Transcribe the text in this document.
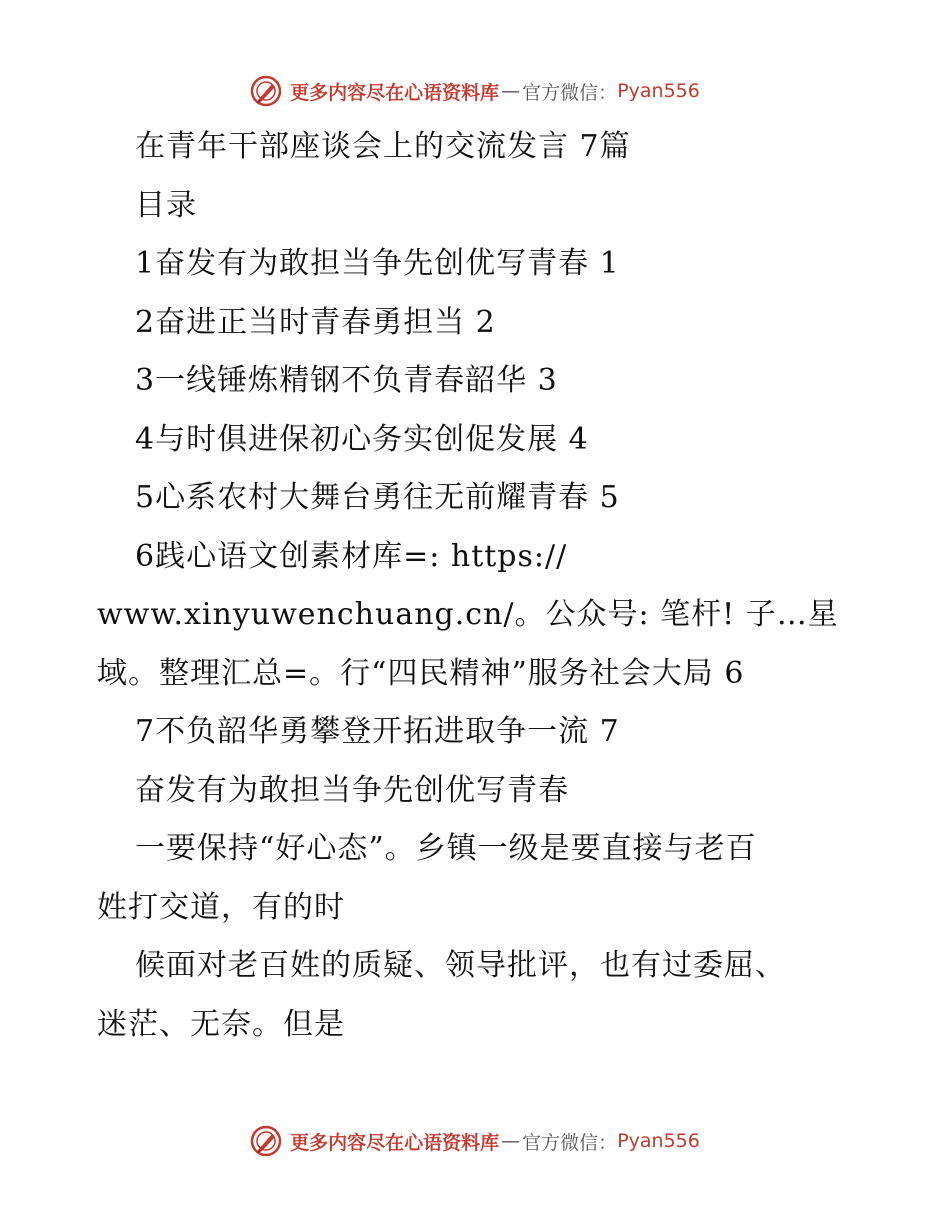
更多内容尽在心语资料库 — 官方微信： Pyan556
在青年干部座谈会上的交流发言 7篇
目录
1奋发有为敢担当争先创优写青春 1
2奋进正当时青春勇担当 2
3一线锤炼精钢不负青春韶华 3
4与时俱进保初心务实创促发展 4
5心系农村大舞台勇往无前耀青春 5
6践心语文创素材库=: https://
www.xinyuwenchuang.cn/。公众号: 笔杆! 子…星
域。整理汇总=。行“四民精神”服务社会大局 6
7不负韶华勇攀登开拓进取争一流 7
奋发有为敢担当争先创优写青春
一要保持“好心态”。乡镇一级是要直接与老百
姓打交道，有的时
候面对老百姓的质疑、领导批评，也有过委屈、
迷茫、无奈。但是
更多内容尽在心语资料库 — 官方微信： Pyan556
